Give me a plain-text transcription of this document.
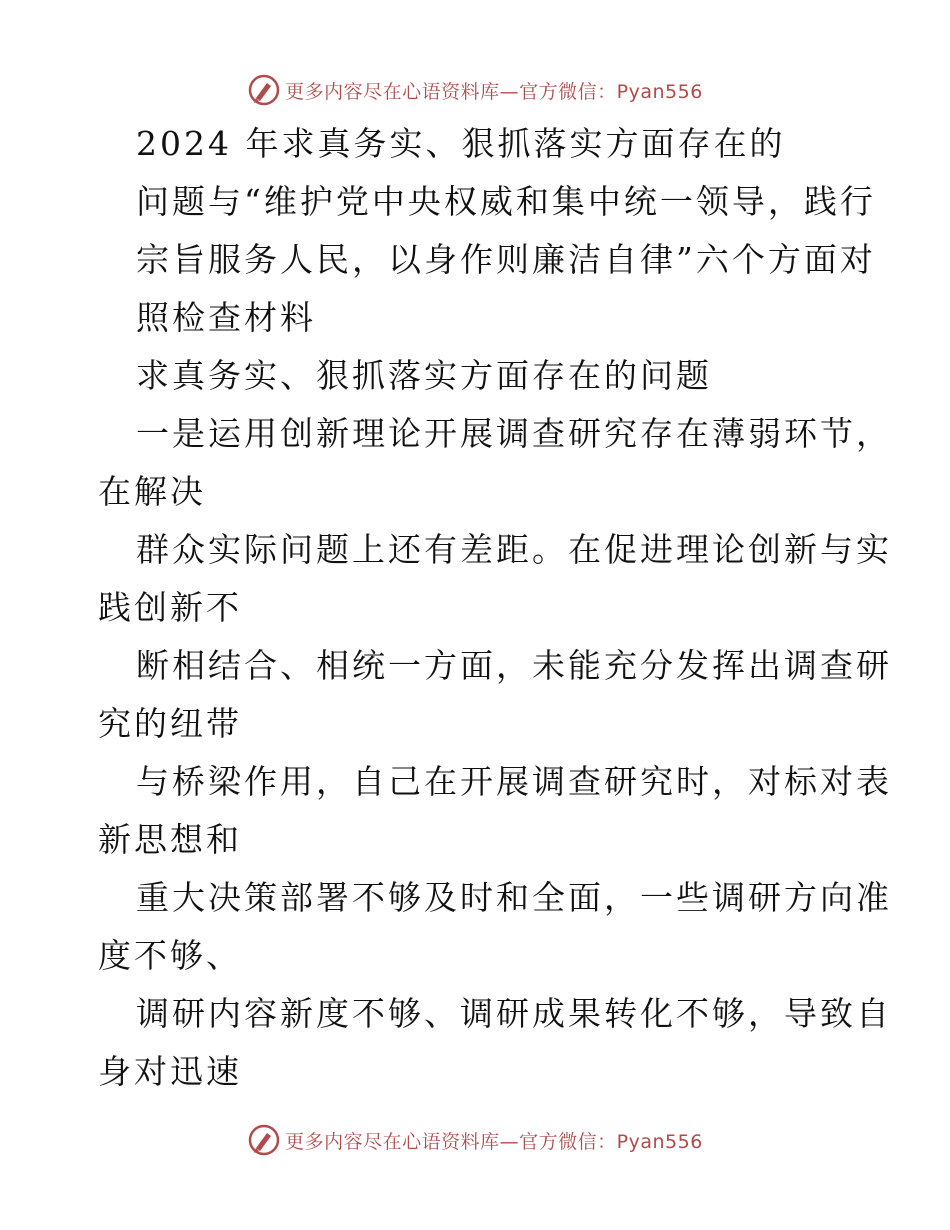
更多内容尽在心语资料库—官方微信：Pyan556
2024 年求真务实、狠抓落实方面存在的
问题与“维护党中央权威和集中统一领导，践行
宗旨服务人民，以身作则廉洁自律”六个方面对
照检查材料
求真务实、狠抓落实方面存在的问题
一是运用创新理论开展调查研究存在薄弱环节，
在解决
群众实际问题上还有差距。在促进理论创新与实
践创新不
断相结合、相统一方面，未能充分发挥出调查研
究的纽带
与桥梁作用，自己在开展调查研究时，对标对表
新思想和
重大决策部署不够及时和全面，一些调研方向准
度不够、
调研内容新度不够、调研成果转化不够，导致自
身对迅速
更多内容尽在心语资料库—官方微信：Pyan556
